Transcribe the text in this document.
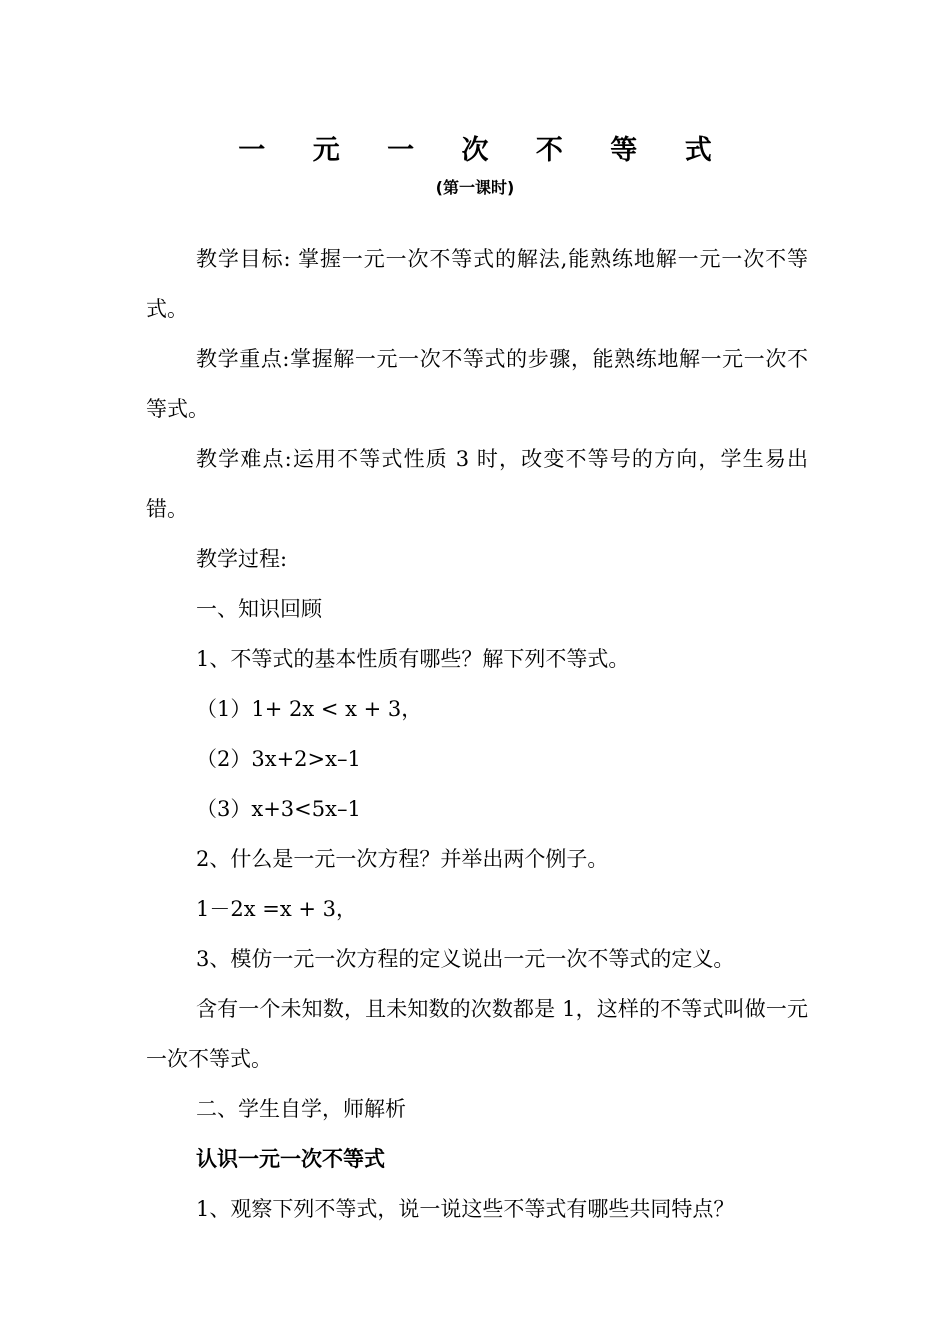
一 元 一 次 不 等 式
(第一课时)

教学目标: 掌握一元一次不等式的解法,能熟练地解一元一次不等式。

教学重点:掌握解一元一次不等式的步骤，能熟练地解一元一次不等式。

教学难点:运用不等式性质 3 时，改变不等号的方向，学生易出错。

教学过程:

一、知识回顾

1、不等式的基本性质有哪些？解下列不等式。

（1）1+ 2x < x + 3，

（2）3x+2>x–1

（3）x+3<5x–1

2、什么是一元一次方程？并举出两个例子。

1－2x =x + 3，

3、模仿一元一次方程的定义说出一元一次不等式的定义。

含有一个未知数，且未知数的次数都是 1，这样的不等式叫做一元一次不等式。

二、学生自学，师解析

认识一元一次不等式

1、观察下列不等式，说一说这些不等式有哪些共同特点？
